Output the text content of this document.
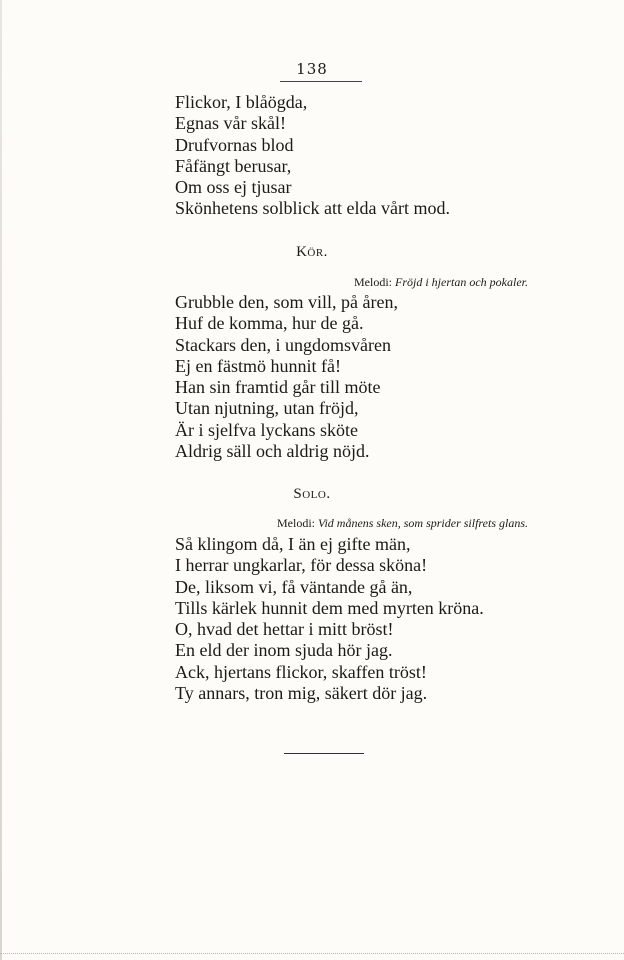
138
Flickor, I blåögda,
Egnas vår skål!
Drufvornas blod
Fåfängt berusar,
Om oss ej tjusar
Skönhetens solblick att elda vårt mod.
Kör.
Melodi: Fröjd i hjertan och pokaler.
Grubble den, som vill, på åren,
Huf de komma, hur de gå.
Stackars den, i ungdomsvåren
Ej en fästmö hunnit få!
Han sin framtid går till möte
Utan njutning, utan fröjd,
Är i sjelfva lyckans sköte
Aldrig säll och aldrig nöjd.
Solo.
Melodi: Vid månens sken, som sprider silfrets glans.
Så klingom då, I än ej gifte män,
I herrar ungkarlar, för dessa sköna!
De, liksom vi, få väntande gå än,
Tills kärlek hunnit dem med myrten kröna.
O, hvad det hettar i mitt bröst!
En eld der inom sjuda hör jag.
Ack, hjertans flickor, skaffen tröst!
Ty annars, tron mig, säkert dör jag.
